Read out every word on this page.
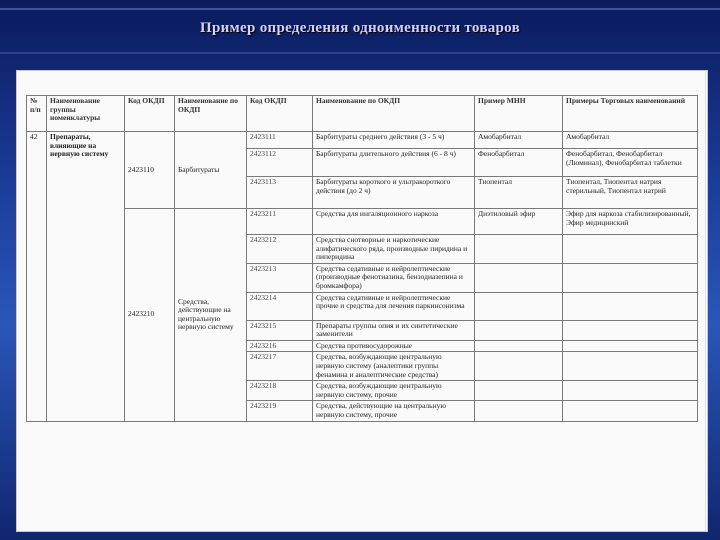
Пример определения одноименности товаров
№ п/п	Наименование группы номенклатуры	Код ОКДП	Наименование по ОКДП	Код ОКДП	Наименование по ОКДП	Пример МНН	Примеры Торговых наименований
42	Препараты, влияющие на нервную систему	2423110	Барбитураты	2423111	Барбитураты среднего действия (3 - 5 ч)	Амобарбитал	Амобарбитал
				2423112	Барбитураты длительного действия (6 - 8 ч)	Фенобарбитал	Фенобарбитал, Фенобарбитал (Люминал), Фенобарбитал таблетки
				2423113	Барбитураты короткого и ультракороткого действия (до 2 ч)	Тиопентал	Тиопентал, Тиопентал натрия стерильный, Тиопентал натрий
		2423210	Средства, действующие на центральную нервную систему	2423211	Средства для ингаляционного наркоза	Диэтиловый эфир	Эфир для наркоза стабилизированный, Эфир медицинский
				2423212	Средства снотворные и наркотические алифатического ряда, производные пиридина и пиперидина		
				2423213	Средства седативные и нейролептические (производные фенотиазина, бензодиазепина и бромкамфора)		
				2423214	Средства седативные и нейролептические прочие и средства для лечения паркинсонизма		
				2423215	Препараты группы опия и их синтетические заменители		
				2423216	Средства противосудорожные		
				2423217	Средства, возбуждающие центральную нервную систему (аналептики группы фенамина и аналептические средства)		
				2423218	Средства, возбуждающие центральную нервную систему, прочие		
				2423219	Средства, действующие на центральную нервную систему, прочие		
